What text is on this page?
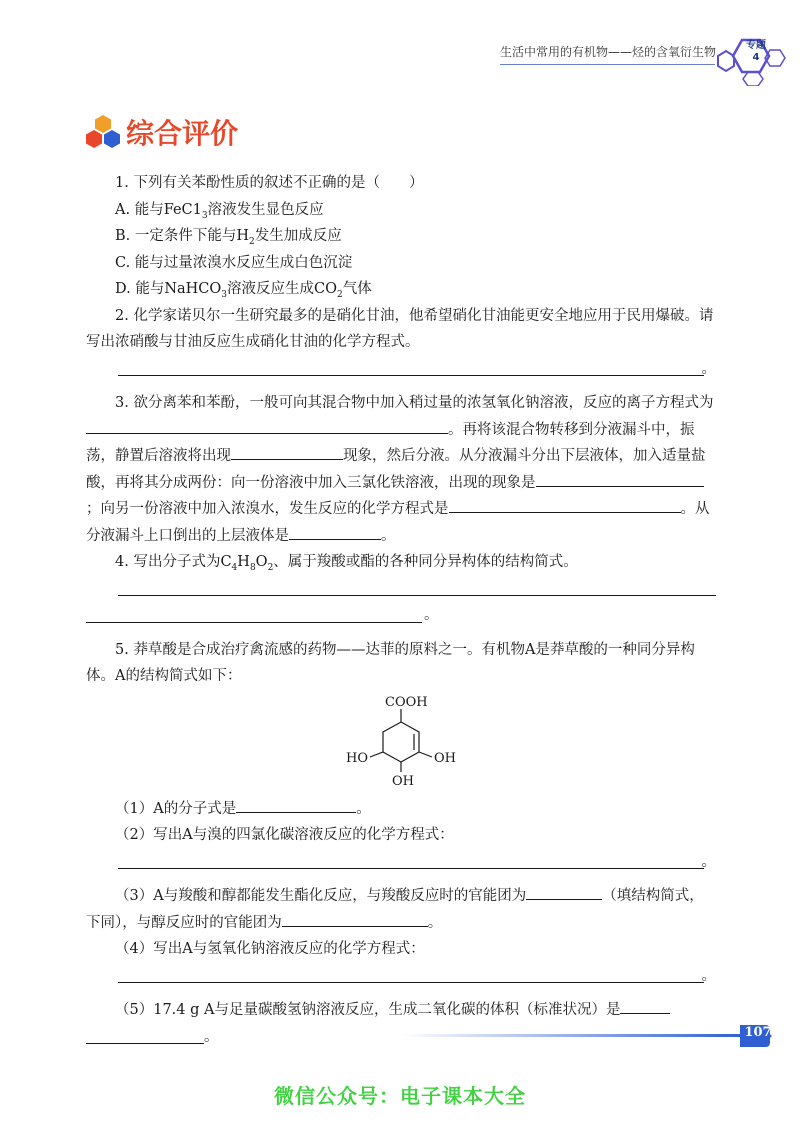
生活中常用的有机物——烃的含氧衍生物	专题
4
综合评价

1. 下列有关苯酚性质的叙述不正确的是（　　）

A. 能与$FeC1_3$溶液发生显色反应

B. 一定条件下能与$H_2$发生加成反应

C. 能与过量浓溴水反应生成白色沉淀

D. 能与NaHCO$_3$溶液反应生成$CO_2$气体

2. 化学家诺贝尔一生研究最多的是硝化甘油，他希望硝化甘油能更安全地应用于民用爆破。请写出浓硝酸与甘油反应生成硝化甘油的化学方程式。

。

3. 欲分离苯和苯酚，一般可向其混合物中加入稍过量的浓氢氧化钠溶液，反应的离子方程式为。再将该混合物转移到分液漏斗中，振荡，静置后溶液将出现	现象，然后分液。从分液漏斗分出下层液体，加入适量盐酸，再将其分成两份：向一份溶液中加入三氯化铁溶液，出现的现象是；向另一份溶液中加入浓溴水，发生反应的化学方程式是	。从分液漏斗上口倒出的上层液体是	。

4. 写出分子式为$C_4H_8O_2$、属于羧酸或酯的各种同分异构体的结构简式。

。

5. 莽草酸是合成治疗禽流感的药物——达菲的原料之一。有机物A是莽草酸的一种同分异构体。A的结构简式如下：

COOH
HO	OH
OH

（1）A的分子式是	。

（2）写出A与溴的四氯化碳溶液反应的化学方程式：

。

（3）A与羧酸和醇都能发生酯化反应，与羧酸反应时的官能团为	（填结构简式，下同），与醇反应时的官能团为	。

（4）写出A与氢氧化钠溶液反应的化学方程式：

。

（5）17.4 g A与足量碳酸氢钠溶液反应，生成二氧化碳的体积（标准状况）是

。	107
微信公众号：电子课本大全
